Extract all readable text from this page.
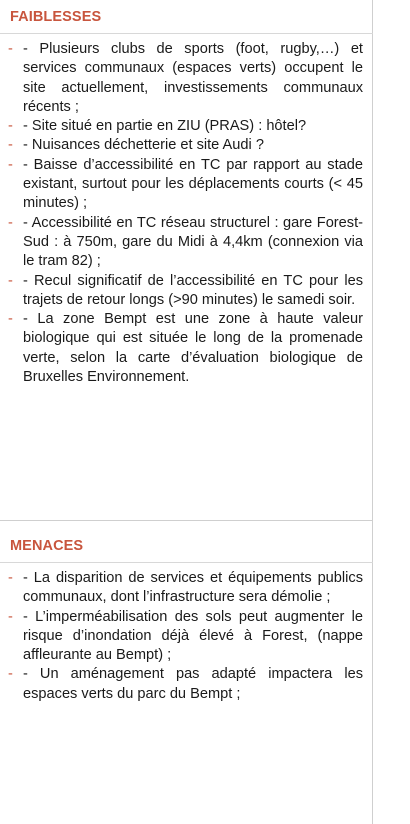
FAIBLESSES
- - Plusieurs clubs de sports (foot, rugby,…) et services communaux (espaces verts) occupent le site actuellement, investissements communaux récents ;
- - Site situé en partie en ZIU (PRAS) : hôtel?
- - Nuisances déchetterie et site Audi ?
- - Baisse d’accessibilité en TC par rapport au stade existant, surtout pour les déplacements courts (< 45 minutes) ;
- - Accessibilité en TC réseau structurel : gare Forest-Sud : à 750m, gare du Midi à 4,4km (connexion via le tram 82) ;
- - Recul significatif de l’accessibilité en TC pour les trajets de retour longs (>90 minutes) le samedi soir.
- - La zone Bempt est une zone à haute valeur biologique qui est située le long de la promenade verte, selon la carte d’évaluation biologique de Bruxelles Environnement.
MENACES
- - La disparition de services et équipements publics communaux, dont l’infrastructure sera démolie ;
- - L’imperméabilisation des sols peut augmenter le risque d’inondation déjà élevé à Forest, (nappe affleurante au Bempt) ;
- - Un aménagement pas adapté impactera les espaces verts du parc du Bempt ;
